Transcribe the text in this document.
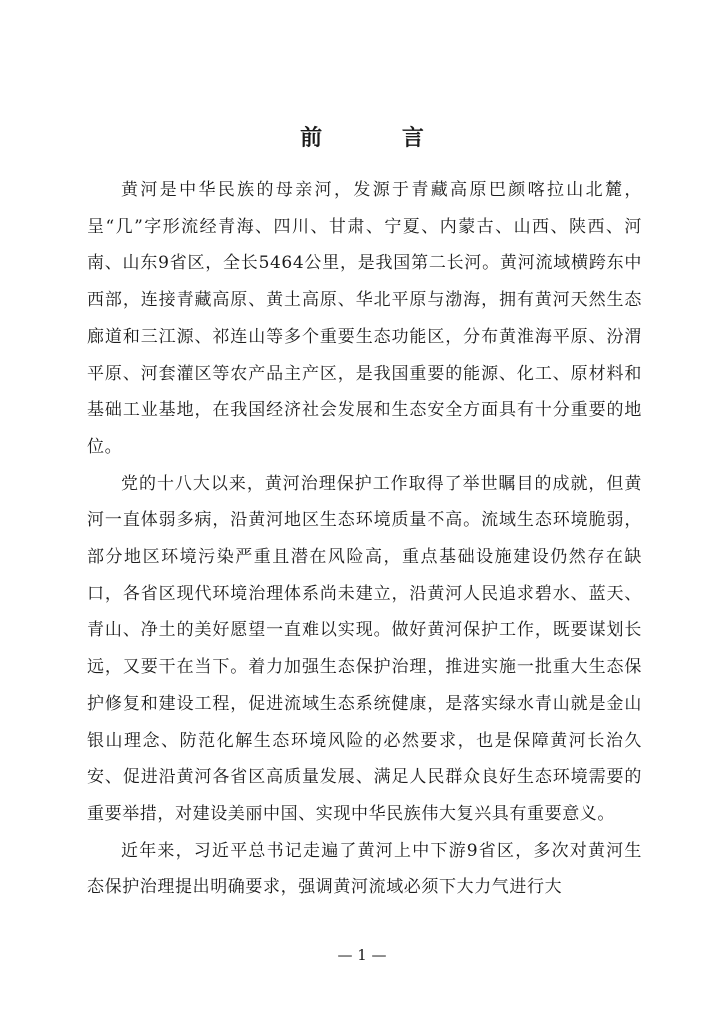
前 言

黄河是中华民族的母亲河，发源于青藏高原巴颜喀拉山北麓，呈“几”字形流经青海、四川、甘肃、宁夏、内蒙古、山西、陕西、河南、山东9省区，全长5464公里，是我国第二长河。黄河流域横跨东中西部，连接青藏高原、黄土高原、华北平原与渤海，拥有黄河天然生态廊道和三江源、祁连山等多个重要生态功能区，分布黄淮海平原、汾渭平原、河套灌区等农产品主产区，是我国重要的能源、化工、原材料和基础工业基地，在我国经济社会发展和生态安全方面具有十分重要的地位。

党的十八大以来，黄河治理保护工作取得了举世瞩目的成就，但黄河一直体弱多病，沿黄河地区生态环境质量不高。流域生态环境脆弱，部分地区环境污染严重且潜在风险高，重点基础设施建设仍然存在缺口，各省区现代环境治理体系尚未建立，沿黄河人民追求碧水、蓝天、青山、净土的美好愿望一直难以实现。做好黄河保护工作，既要谋划长远，又要干在当下。着力加强生态保护治理，推进实施一批重大生态保护修复和建设工程，促进流域生态系统健康，是落实绿水青山就是金山银山理念、防范化解生态环境风险的必然要求，也是保障黄河长治久安、促进沿黄河各省区高质量发展、满足人民群众良好生态环境需要的重要举措，对建设美丽中国、实现中华民族伟大复兴具有重要意义。

近年来，习近平总书记走遍了黄河上中下游9省区，多次对黄河生态保护治理提出明确要求，强调黄河流域必须下大力气进行大

— 1 —
